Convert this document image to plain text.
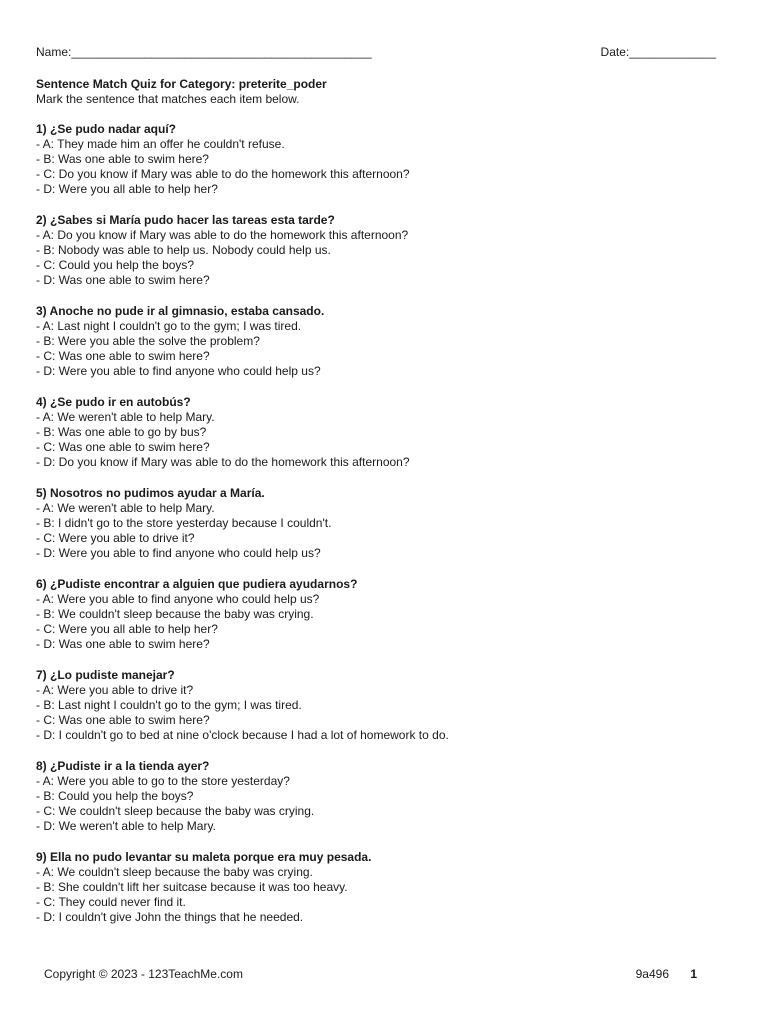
Name:_____________________________________________	Date:_____________
Sentence Match Quiz for Category: preterite_poder
Mark the sentence that matches each item below.
1) ¿Se pudo nadar aquí?
- A: They made him an offer he couldn't refuse.
- B: Was one able to swim here?
- C: Do you know if Mary was able to do the homework this afternoon?
- D: Were you all able to help her?
2) ¿Sabes si María pudo hacer las tareas esta tarde?
- A: Do you know if Mary was able to do the homework this afternoon?
- B: Nobody was able to help us. Nobody could help us.
- C: Could you help the boys?
- D: Was one able to swim here?
3) Anoche no pude ir al gimnasio, estaba cansado.
- A: Last night I couldn't go to the gym; I was tired.
- B: Were you able the solve the problem?
- C: Was one able to swim here?
- D: Were you able to find anyone who could help us?
4) ¿Se pudo ir en autobús?
- A: We weren't able to help Mary.
- B: Was one able to go by bus?
- C: Was one able to swim here?
- D: Do you know if Mary was able to do the homework this afternoon?
5) Nosotros no pudimos ayudar a María.
- A: We weren't able to help Mary.
- B: I didn't go to the store yesterday because I couldn't.
- C: Were you able to drive it?
- D: Were you able to find anyone who could help us?
6) ¿Pudiste encontrar a alguien que pudiera ayudarnos?
- A: Were you able to find anyone who could help us?
- B: We couldn't sleep because the baby was crying.
- C: Were you all able to help her?
- D: Was one able to swim here?
7) ¿Lo pudiste manejar?
- A: Were you able to drive it?
- B: Last night I couldn't go to the gym; I was tired.
- C: Was one able to swim here?
- D: I couldn't go to bed at nine o'clock because I had a lot of homework to do.
8) ¿Pudiste ir a la tienda ayer?
- A: Were you able to go to the store yesterday?
- B: Could you help the boys?
- C: We couldn't sleep because the baby was crying.
- D: We weren't able to help Mary.
9) Ella no pudo levantar su maleta porque era muy pesada.
- A: We couldn't sleep because the baby was crying.
- B: She couldn't lift her suitcase because it was too heavy.
- C: They could never find it.
- D: I couldn't give John the things that he needed.
Copyright © 2023 - 123TeachMe.com	9a496 1
